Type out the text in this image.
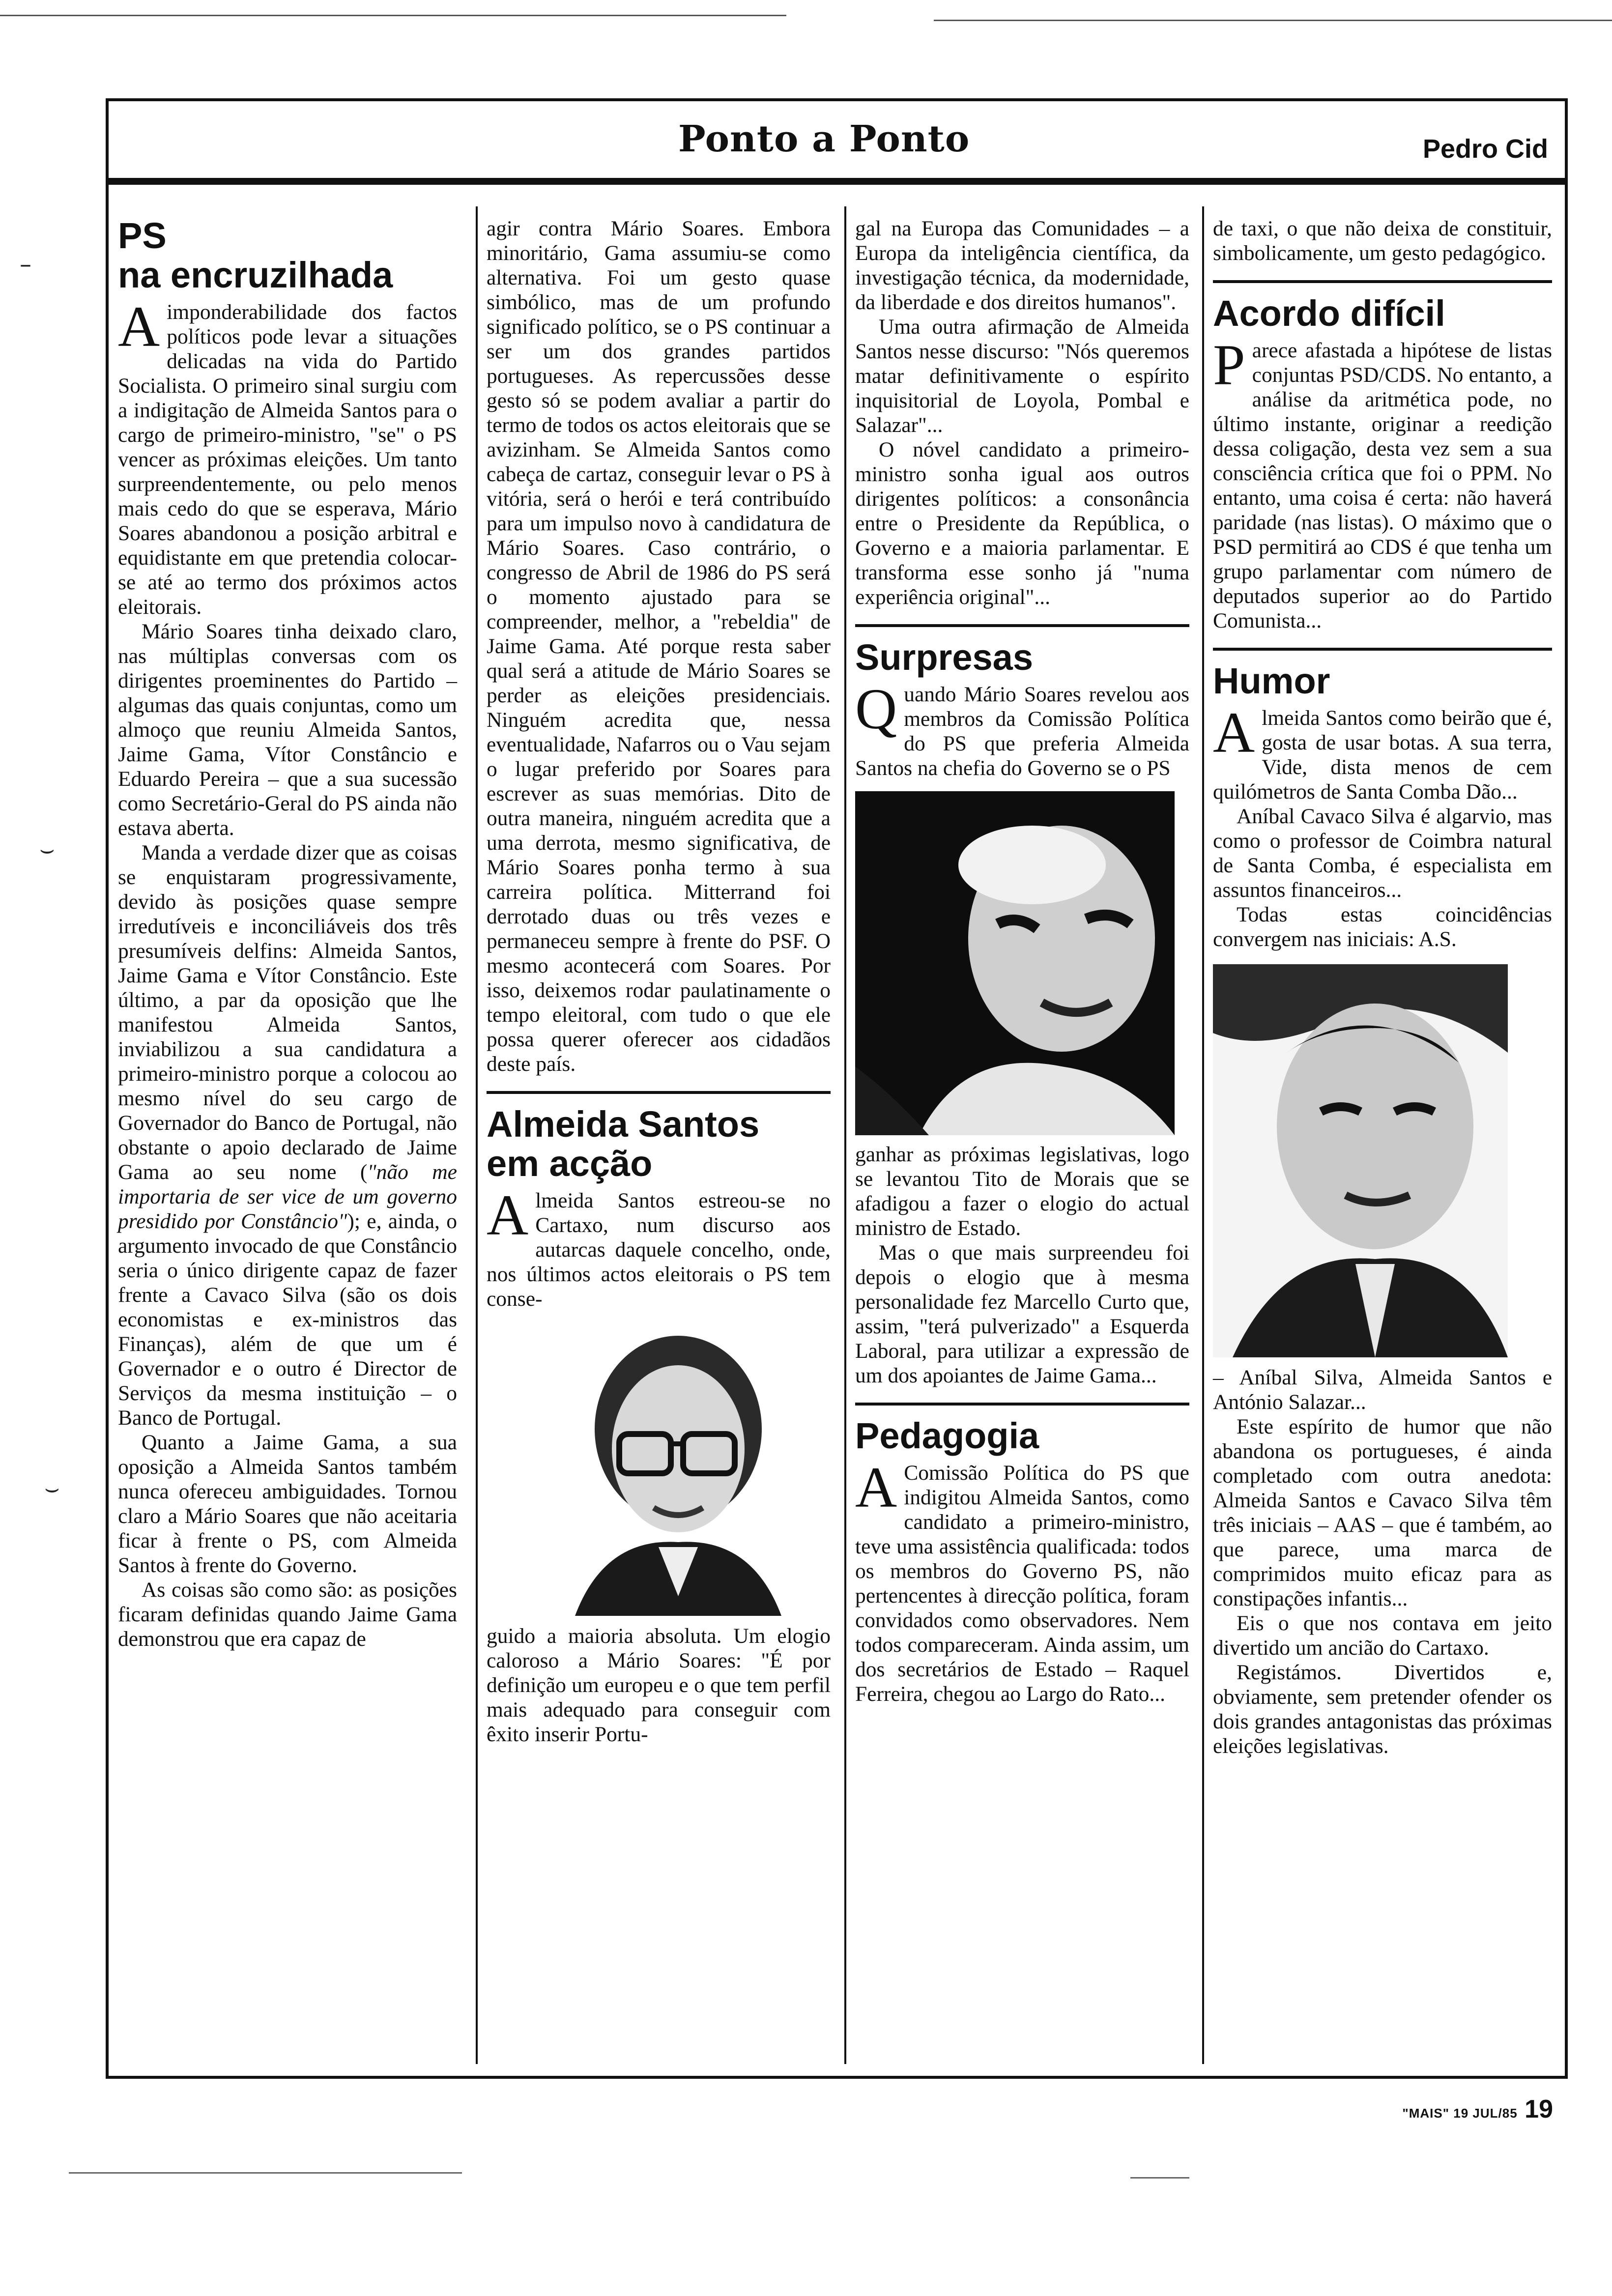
–
⌣
⌣
Ponto a Ponto	Pedro Cid
PS
na encruzilhada

Aimponderabilidade dos factos políticos pode levar a situações delicadas na vida do Partido Socialista. O primeiro sinal surgiu com a indigitação de Almeida Santos para o cargo de primeiro-ministro, "se" o PS vencer as próximas eleições. Um tanto surpreendentemente, ou pelo menos mais cedo do que se esperava, Mário Soares abandonou a posição arbitral e equidistante em que pretendia colocar-se até ao termo dos próximos actos eleitorais.

Mário Soares tinha deixado claro, nas múltiplas conversas com os dirigentes proeminentes do Partido – algumas das quais conjuntas, como um almoço que reuniu Almeida Santos, Jaime Gama, Vítor Constâncio e Eduardo Pereira – que a sua sucessão como Secretário-Geral do PS ainda não estava aberta.

Manda a verdade dizer que as coisas se enquistaram progressivamente, devido às posições quase sempre irredutíveis e inconciliáveis dos três presumíveis delfins: Almeida Santos, Jaime Gama e Vítor Constâncio. Este último, a par da oposição que lhe manifestou Almeida Santos, inviabilizou a sua candidatura a primeiro-ministro porque a colocou ao mesmo nível do seu cargo de Governador do Banco de Portugal, não obstante o apoio declarado de Jaime Gama ao seu nome ("não me importaria de ser vice de um governo presidido por Constâncio"); e, ainda, o argumento invocado de que Constâncio seria o único dirigente capaz de fazer frente a Cavaco Silva (são os dois economistas e ex-ministros das Finanças), além de que um é Governador e o outro é Director de Serviços da mesma instituição – o Banco de Portugal.

Quanto a Jaime Gama, a sua oposição a Almeida Santos também nunca ofereceu ambiguidades. Tornou claro a Mário Soares que não aceitaria ficar à frente o PS, com Almeida Santos à frente do Governo.

As coisas são como são: as posições ficaram definidas quando Jaime Gama demonstrou que era capaz de

agir contra Mário Soares. Embora minoritário, Gama assumiu-se como alternativa. Foi um gesto quase simbólico, mas de um profundo significado político, se o PS continuar a ser um dos grandes partidos portugueses. As repercussões desse gesto só se podem avaliar a partir do termo de todos os actos eleitorais que se avizinham. Se Almeida Santos como cabeça de cartaz, conseguir levar o PS à vitória, será o herói e terá contribuído para um impulso novo à candidatura de Mário Soares. Caso contrário, o congresso de Abril de 1986 do PS será o momento ajustado para se compreender, melhor, a "rebeldia" de Jaime Gama. Até porque resta saber qual será a atitude de Mário Soares se perder as eleições presidenciais. Ninguém acredita que, nessa eventualidade, Nafarros ou o Vau sejam o lugar preferido por Soares para escrever as suas memórias. Dito de outra maneira, ninguém acredita que a uma derrota, mesmo significativa, de Mário Soares ponha termo à sua carreira política. Mitterrand foi derrotado duas ou três vezes e permaneceu sempre à frente do PSF. O mesmo acontecerá com Soares. Por isso, deixemos rodar paulatinamente o tempo eleitoral, com tudo o que ele possa querer oferecer aos cidadãos deste país.

Almeida Santos
em acção

Almeida Santos estreou-se no Cartaxo, num discurso aos autarcas daquele concelho, onde, nos últimos actos eleitorais o PS tem conse-

guido a maioria absoluta. Um elogio caloroso a Mário Soares: "É por definição um europeu e o que tem perfil mais adequado para conseguir com êxito inserir Portu-

gal na Europa das Comunidades – a Europa da inteligência científica, da investigação técnica, da modernidade, da liberdade e dos direitos humanos".

Uma outra afirmação de Almeida Santos nesse discurso: "Nós queremos matar definitivamente o espírito inquisitorial de Loyola, Pombal e Salazar"...

O nóvel candidato a primeiro-ministro sonha igual aos outros dirigentes políticos: a consonância entre o Presidente da República, o Governo e a maioria parlamentar. E transforma esse sonho já "numa experiência original"...

Surpresas

Quando Mário Soares revelou aos membros da Comissão Política do PS que preferia Almeida Santos na chefia do Governo se o PS

ganhar as próximas legislativas, logo se levantou Tito de Morais que se afadigou a fazer o elogio do actual ministro de Estado.

Mas o que mais surpreendeu foi depois o elogio que à mesma personalidade fez Marcello Curto que, assim, "terá pulverizado" a Esquerda Laboral, para utilizar a expressão de um dos apoiantes de Jaime Gama...

Pedagogia

A Comissão Política do PS que indigitou Almeida Santos, como candidato a primeiro-ministro, teve uma assistência qualificada: todos os membros do Governo PS, não pertencentes à direcção política, foram convidados como observadores. Nem todos compareceram. Ainda assim, um dos secretários de Estado – Raquel Ferreira, chegou ao Largo do Rato...

de taxi, o que não deixa de constituir, simbolicamente, um gesto pedagógico.

Acordo difícil

Parece afastada a hipótese de listas conjuntas PSD/CDS. No entanto, a análise da aritmética pode, no último instante, originar a reedição dessa coligação, desta vez sem a sua consciência crítica que foi o PPM. No entanto, uma coisa é certa: não haverá paridade (nas listas). O máximo que o PSD permitirá ao CDS é que tenha um grupo parlamentar com número de deputados superior ao do Partido Comunista...

Humor

Almeida Santos como beirão que é, gosta de usar botas. A sua terra, Vide, dista menos de cem quilómetros de Santa Comba Dão...

Aníbal Cavaco Silva é algarvio, mas como o professor de Coimbra natural de Santa Comba, é especialista em assuntos financeiros...

Todas estas coincidências convergem nas iniciais: A.S.

– Aníbal Silva, Almeida Santos e António Salazar...

Este espírito de humor que não abandona os portugueses, é ainda completado com outra anedota: Almeida Santos e Cavaco Silva têm três iniciais – AAS – que é também, ao que parece, uma marca de comprimidos muito eficaz para as constipações infantis...

Eis o que nos contava em jeito divertido um ancião do Cartaxo.

Registámos. Divertidos e, obviamente, sem pretender ofender os dois grandes antagonistas das próximas eleições legislativas.

"MAIS" 19 JUL/85 19
